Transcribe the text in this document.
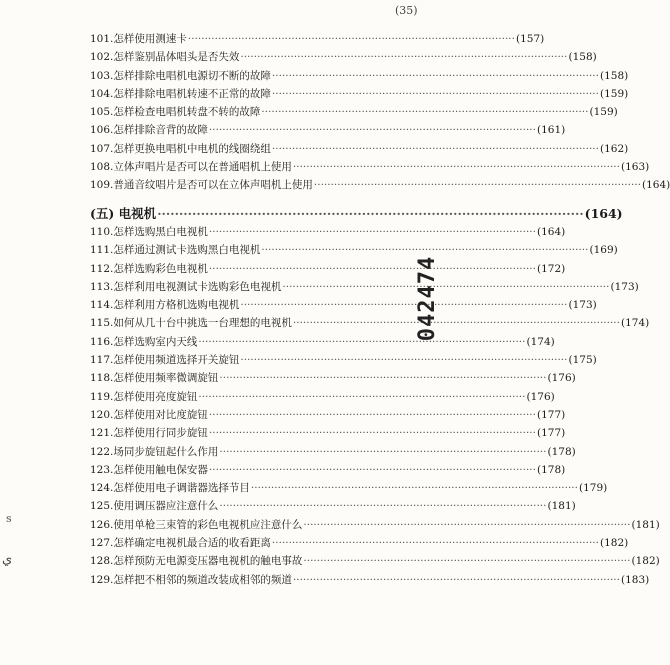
(35)
101. 怎样使用测速卡 ·····	(157)
102. 怎样鉴别晶体唱头是否失效 ·····	(158)
103. 怎样排除电唱机电源切不断的故障 ·····	(158)
104. 怎样排除电唱机转速不正常的故障 ·····	(159)
105. 怎样检查电唱机转盘不转的故障 ·····	(159)
106. 怎样排除音背的故障 ·····	(161)
107. 怎样更换电唱机中电机的线圈绕组 ·····	(162)
108. 立体声唱片是否可以在普通唱机上使用 ·····	(163)
109. 普通音纹唱片是否可以在立体声唱机上使用 ·····	(164)
(五) 电视机 ·····	(164)
110. 怎样选购黑白电视机 ·····	(164)
111. 怎样通过测试卡选购黑白电视机 ·····	(169)
112. 怎样选购彩色电视机 ·····	(172)
113. 怎样利用电视测试卡选购彩色电视机 ·····	(173)
114. 怎样利用方格机选购电视机 ·····	(173)
115. 如何从几十台中挑选一台理想的电视机 ·····	(174)
116. 怎样选购室内天线 ·····	(174)
117. 怎样使用频道选择开关旋钮 ·····	(175)
118. 怎样使用频率微调旋钮 ·····	(176)
119. 怎样使用亮度旋钮 ·····	(176)
120. 怎样使用对比度旋钮 ·····	(177)
121. 怎样使用行同步旋钮 ·····	(177)
122. 场同步旋钮起什么作用 ·····	(178)
123. 怎样使用触电保安器 ·····	(178)
124. 怎样使用电子调谐器选择节目 ·····	(179)
125. 使用调压器应注意什么 ·····	(181)
126. 使用单枪三束管的彩色电视机应注意什么 ·····	(181)
127. 怎样确定电视机最合适的收看距离 ·····	(182)
128. 怎样预防无电源变压器电视机的触电事故 ·····	(182)
129. 怎样把不相邻的频道改装成相邻的频道 ·····	(183)
042474
s
ي
